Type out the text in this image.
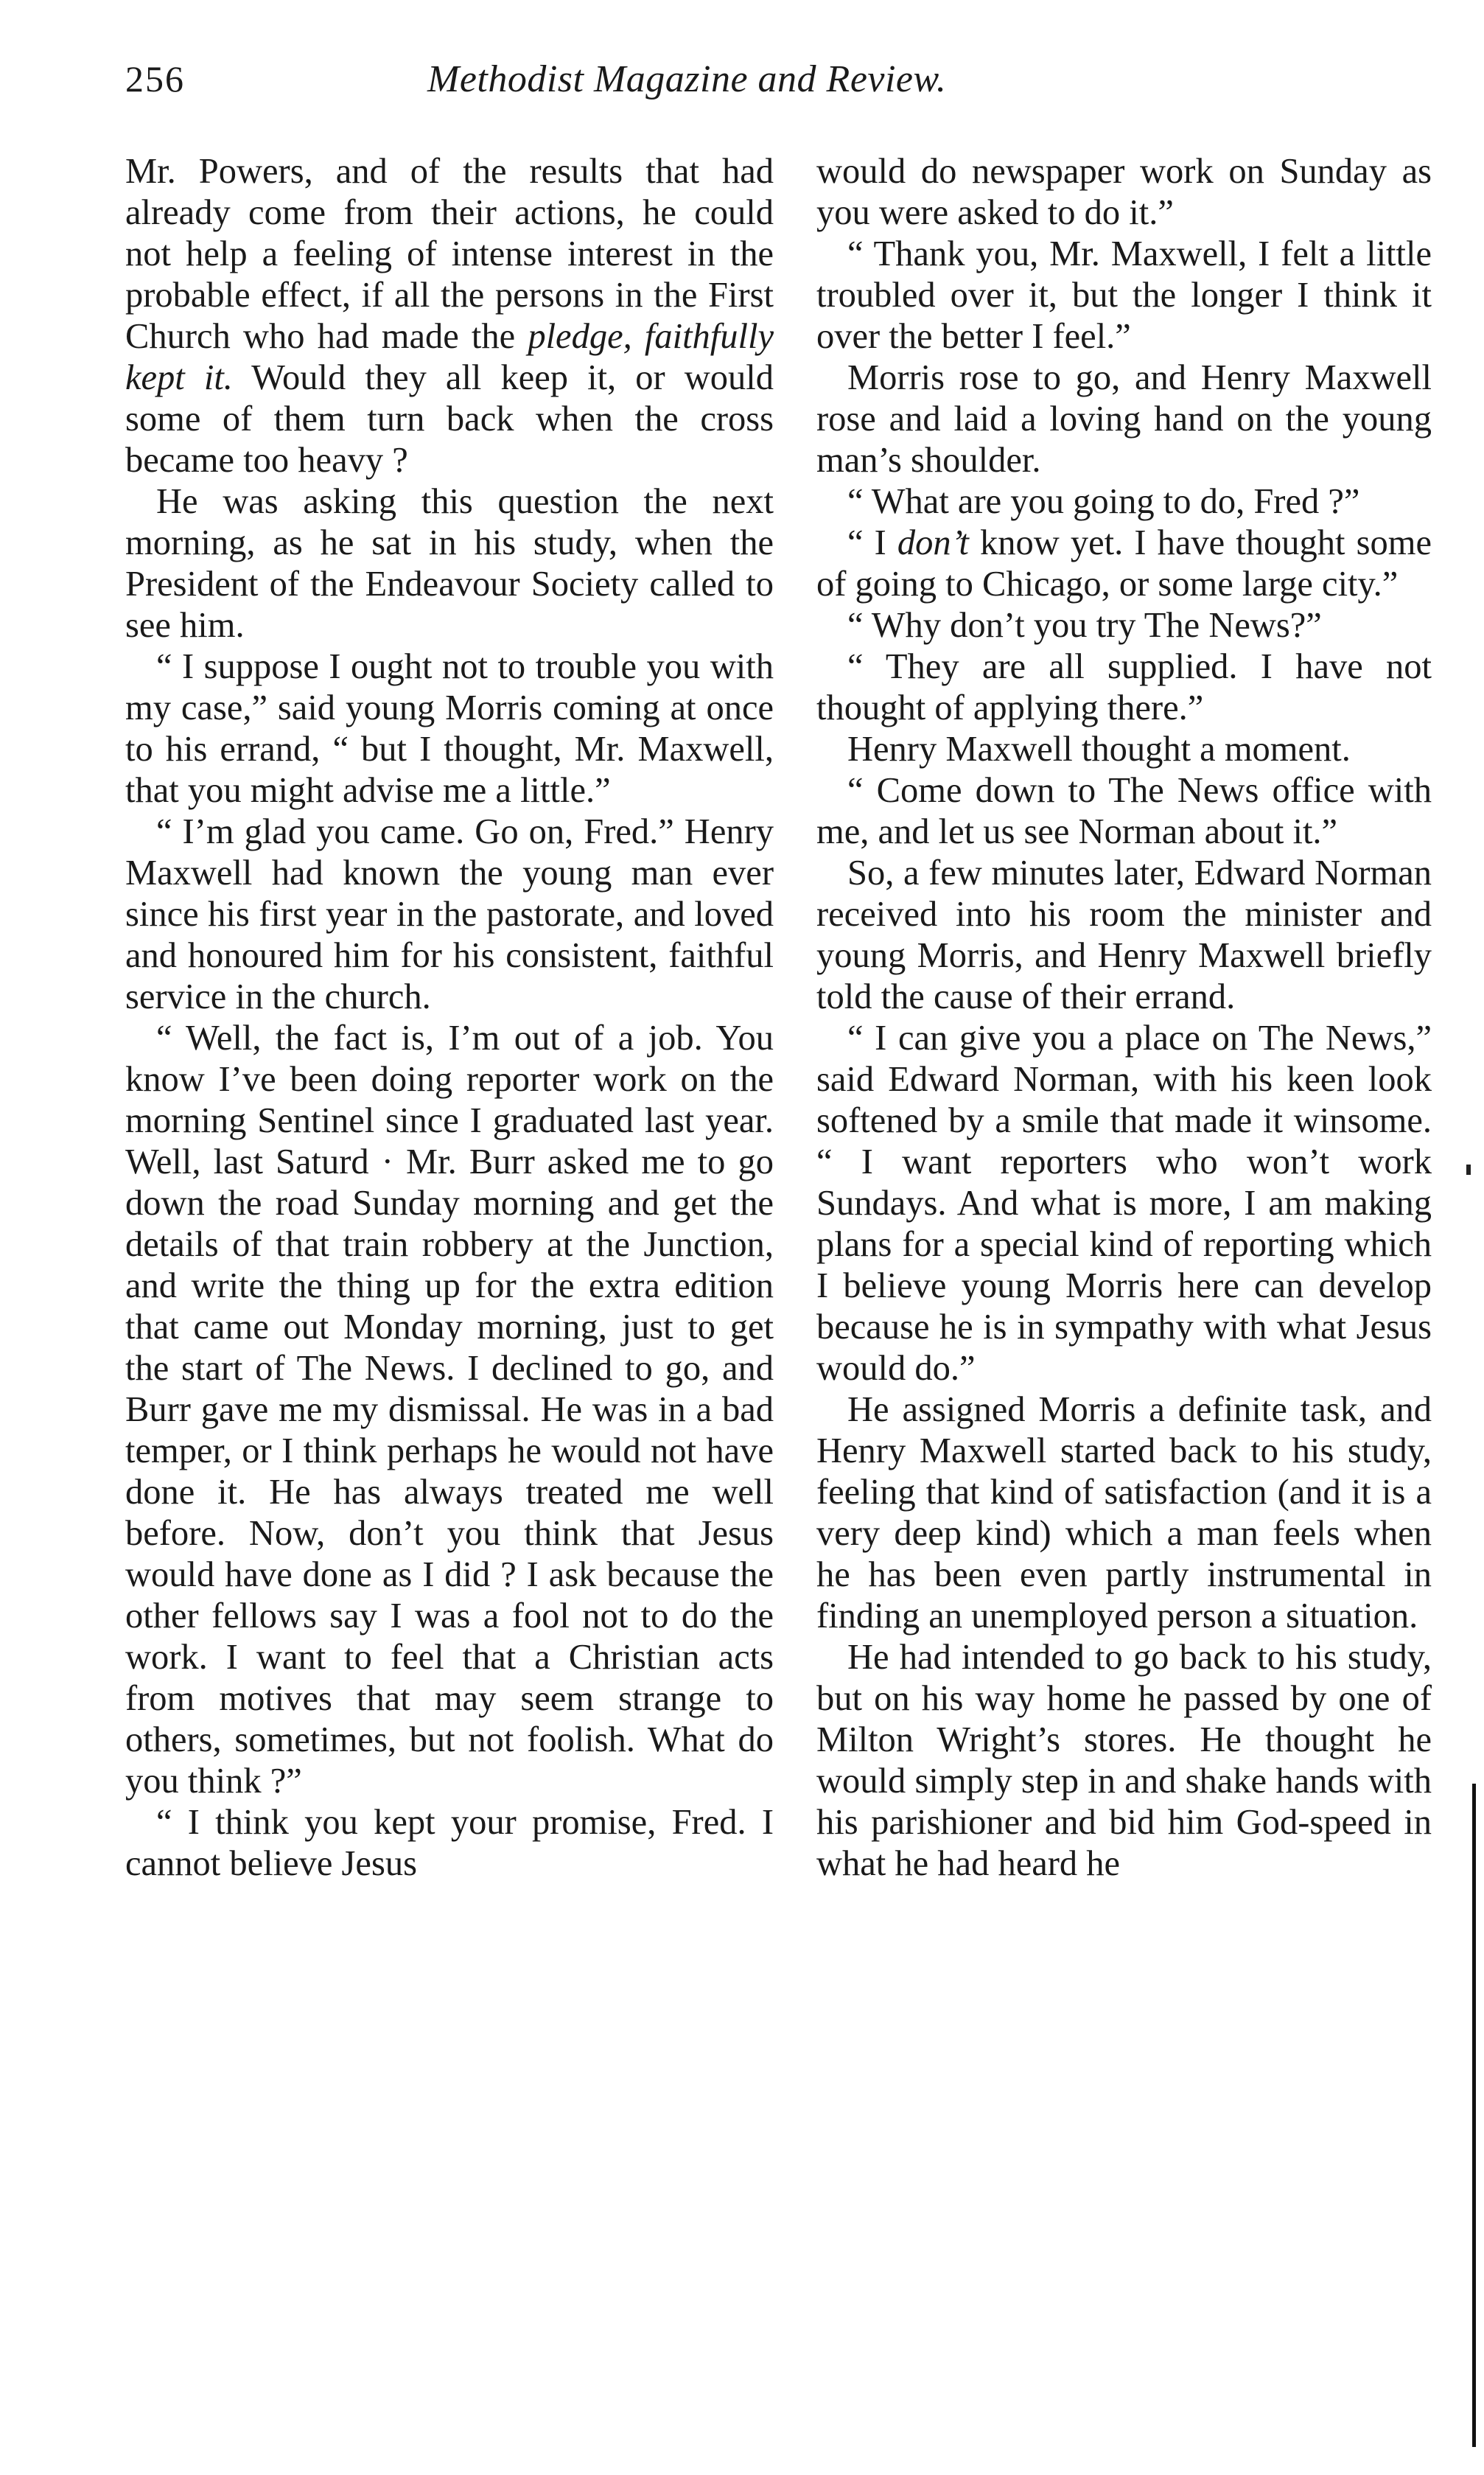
256	Methodist Magazine and Review.

Mr. Powers, and of the results that had already come from their actions, he could not help a feeling of intense interest in the probable effect, if all the persons in the First Church who had made the pledge, faithfully kept it. Would they all keep it, or would some of them turn back when the cross became too heavy ?

He was asking this question the next morning, as he sat in his study, when the President of the Endeavour Society called to see him.

“ I suppose I ought not to trouble you with my case,” said young Morris coming at once to his errand, “ but I thought, Mr. Maxwell, that you might advise me a little.”

“ I’m glad you came. Go on, Fred.” Henry Maxwell had known the young man ever since his first year in the pastorate, and loved and honoured him for his consistent, faithful service in the church.

“ Well, the fact is, I’m out of a job. You know I’ve been doing reporter work on the morning Sentinel since I graduated last year. Well, last Saturd · Mr. Burr asked me to go down the road Sunday morning and get the details of that train robbery at the Junction, and write the thing up for the extra edition that came out Monday morning, just to get the start of The News. I declined to go, and Burr gave me my dismissal. He was in a bad temper, or I think perhaps he would not have done it. He has always treated me well before. Now, don’t you think that Jesus would have done as I did ? I ask because the other fellows say I was a fool not to do the work. I want to feel that a Christian acts from motives that may seem strange to others, sometimes, but not foolish. What do you think ?”

“ I think you kept your promise, Fred. I cannot believe Jesus

would do newspaper work on Sunday as you were asked to do it.”

“ Thank you, Mr. Maxwell, I felt a little troubled over it, but the longer I think it over the better I feel.”

Morris rose to go, and Henry Maxwell rose and laid a loving hand on the young man’s shoulder.

“ What are you going to do, Fred ?”

“ I don’t know yet. I have thought some of going to Chicago, or some large city.”

“ Why don’t you try The News?”

“ They are all supplied. I have not thought of applying there.”

Henry Maxwell thought a moment.

“ Come down to The News office with me, and let us see Norman about it.”

So, a few minutes later, Edward Norman received into his room the minister and young Morris, and Henry Maxwell briefly told the cause of their errand.

“ I can give you a place on The News,” said Edward Norman, with his keen look softened by a smile that made it winsome. “ I want reporters who won’t work Sundays. And what is more, I am making plans for a special kind of reporting which I believe young Morris here can develop because he is in sympathy with what Jesus would do.”

He assigned Morris a definite task, and Henry Maxwell started back to his study, feeling that kind of satisfaction (and it is a very deep kind) which a man feels when he has been even partly instrumental in finding an unemployed person a situation.

He had intended to go back to his study, but on his way home he passed by one of Milton Wright’s stores. He thought he would simply step in and shake hands with his parishioner and bid him God-speed in what he had heard he
